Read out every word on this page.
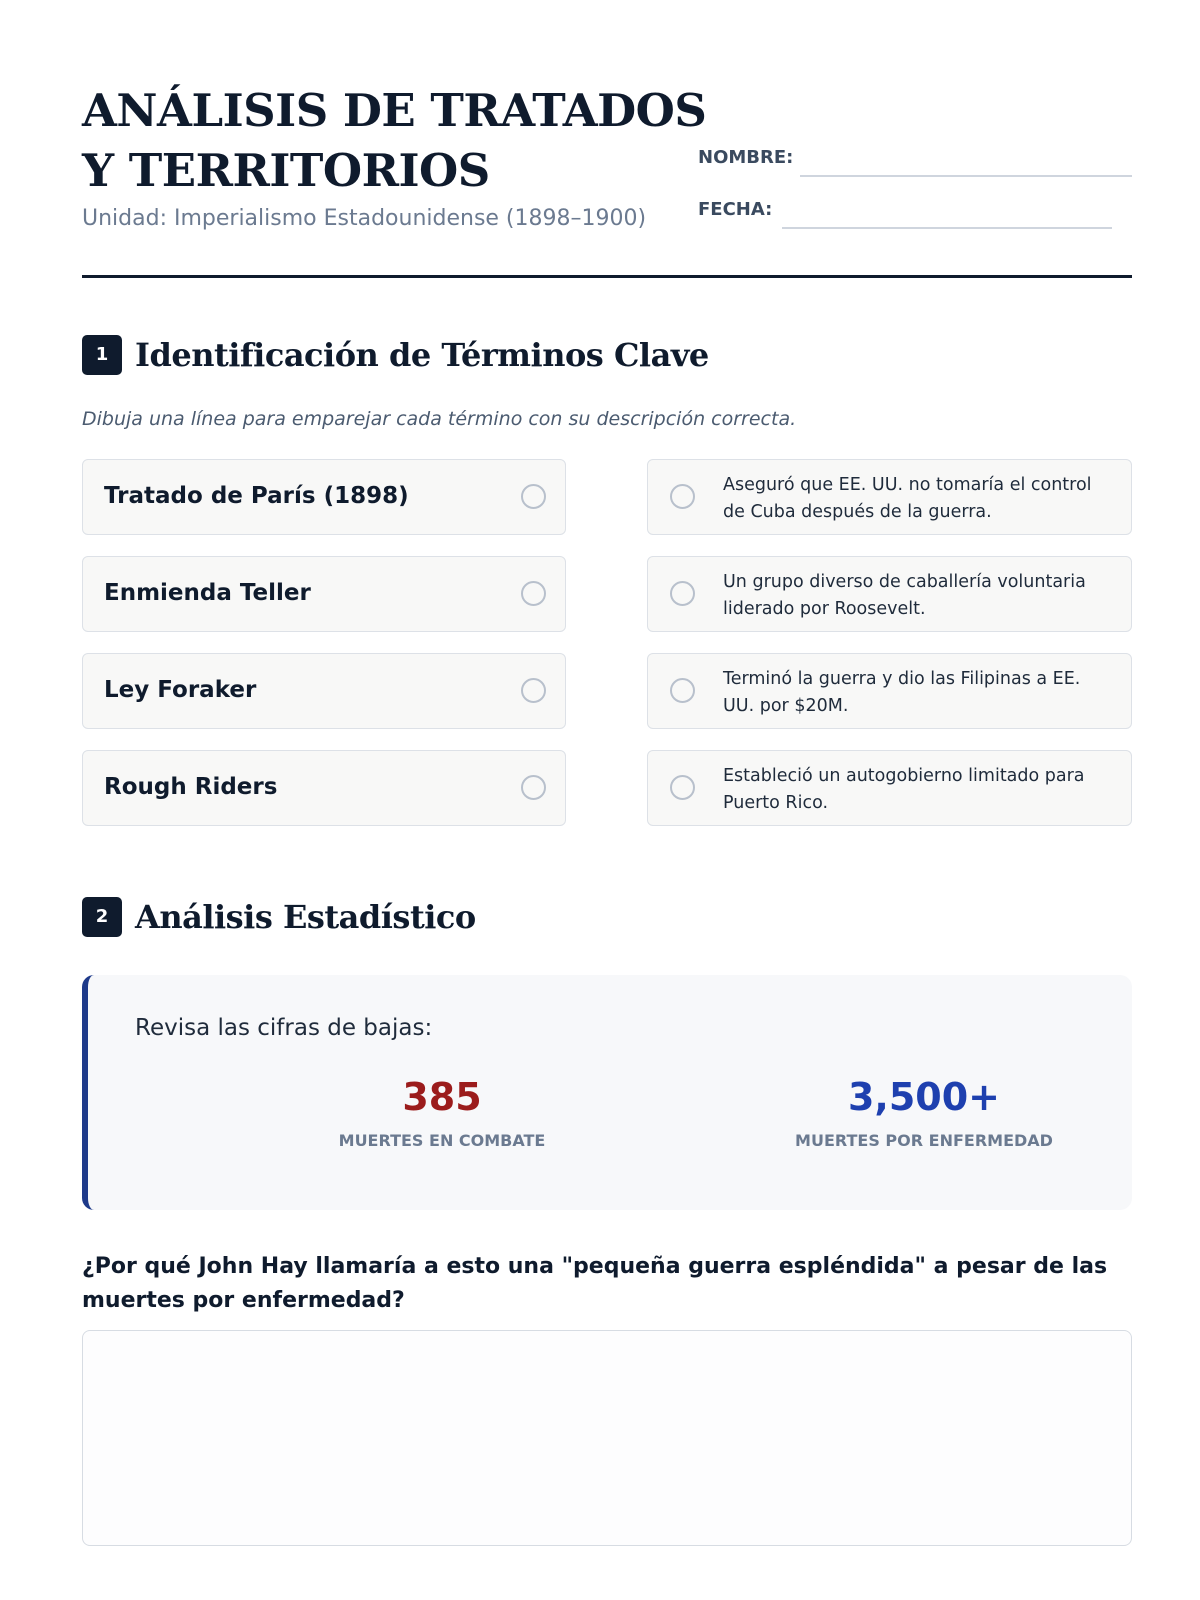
ANÁLISIS DE TRATADOS
Y TERRITORIOS
Unidad: Imperialismo Estadounidense (1898–1900)
NOMBRE:
FECHA:
1 Identificación de Términos Clave
Dibuja una línea para emparejar cada término con su descripción correcta.
Tratado de París (1898)
Enmienda Teller
Ley Foraker
Rough Riders
Aseguró que EE. UU. no tomaría el control de Cuba después de la guerra.
Un grupo diverso de caballería voluntaria liderado por Roosevelt.
Terminó la guerra y dio las Filipinas a EE. UU. por $20M.
Estableció un autogobierno limitado para Puerto Rico.
2 Análisis Estadístico
Revisa las cifras de bajas:
385
MUERTES EN COMBATE
3,500+
MUERTES POR ENFERMEDAD
¿Por qué John Hay llamaría a esto una "pequeña guerra espléndida" a pesar de las muertes por enfermedad?
